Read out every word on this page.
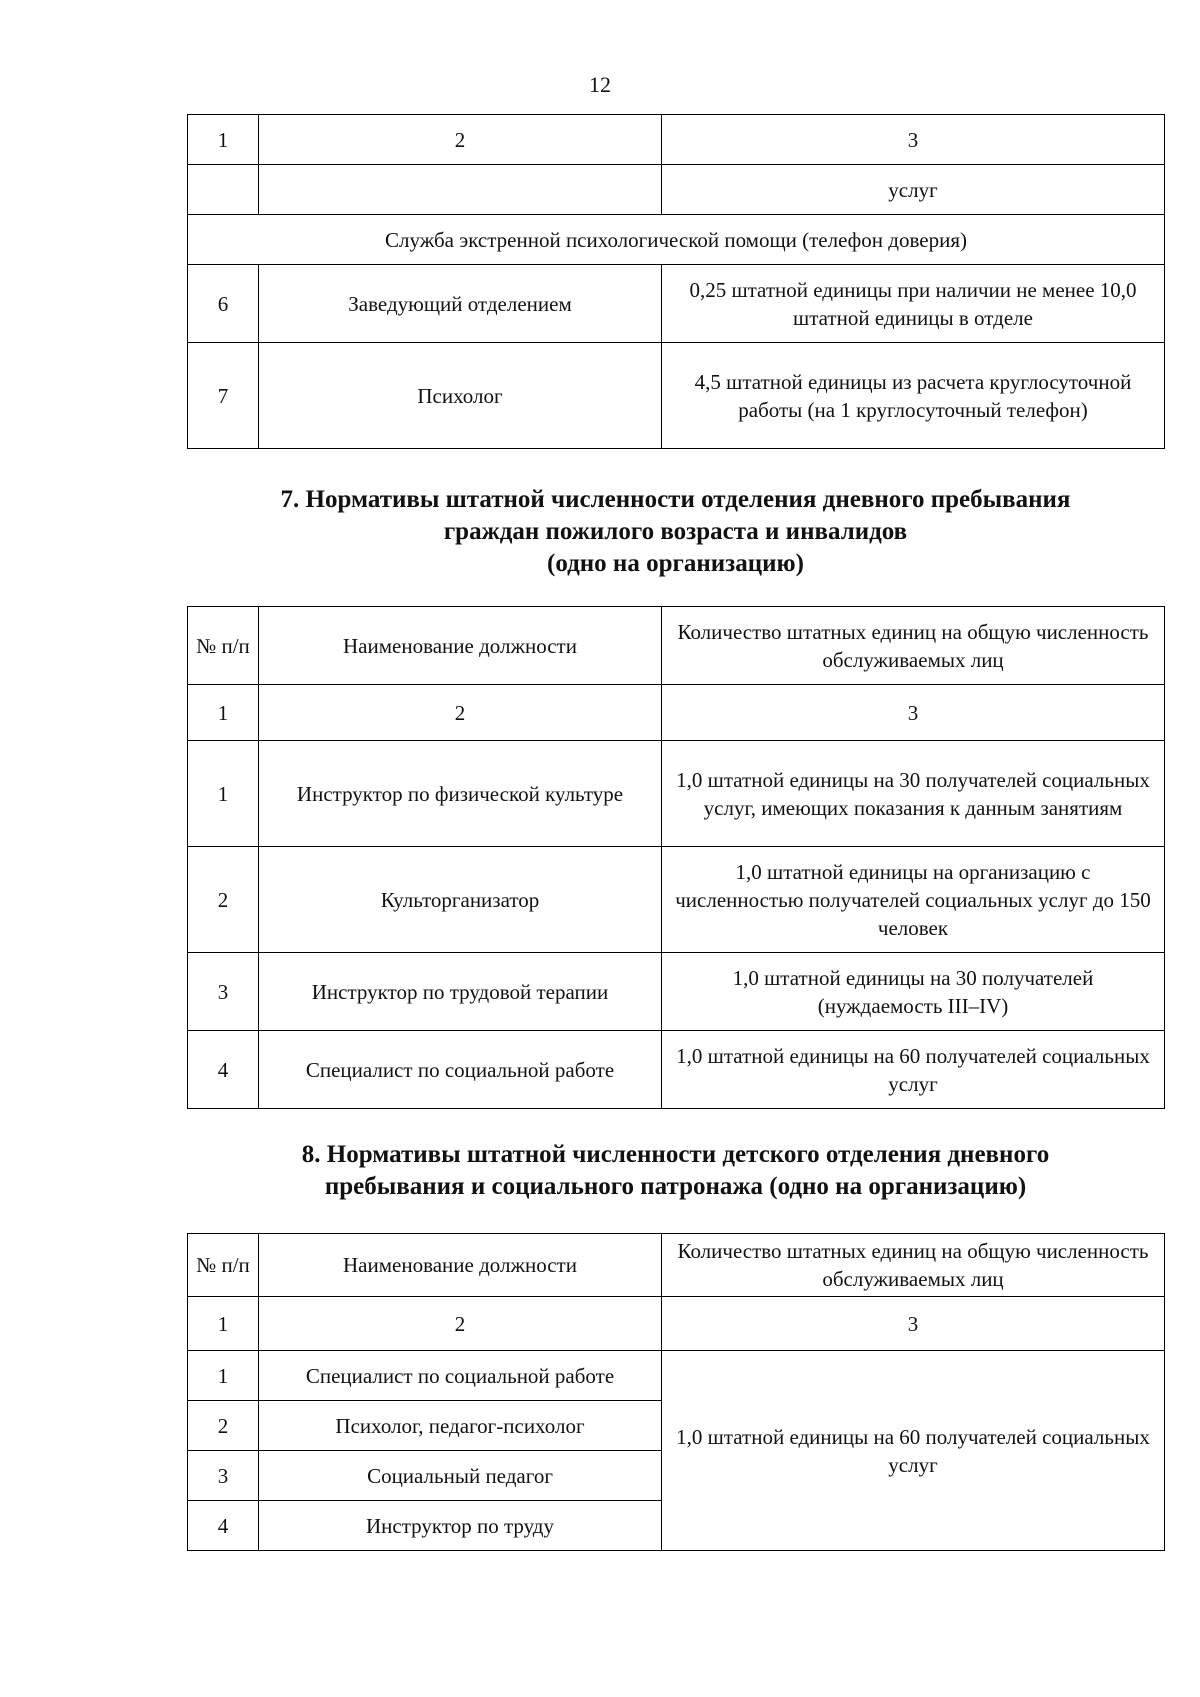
12
1	2	3
		услуг
Служба экстренной психологической помощи (телефон доверия)		
6	Заведующий отделением	0,25 штатной единицы при наличии не менее 10,0 штатной единицы в отделе
7	Психолог	4,5 штатной единицы из расчета круглосуточной работы (на 1 круглосуточный телефон)
7. Нормативы штатной численности отделения дневного пребывания
граждан пожилого возраста и инвалидов
(одно на организацию)
№ п/п	Наименование должности	Количество штатных единиц на общую численность обслуживаемых лиц
1	2	3
1	Инструктор по физической культуре	1,0 штатной единицы на 30 получателей социальных услуг, имеющих показания к данным занятиям
2	Культорганизатор	1,0 штатной единицы на организацию с численностью получателей социальных услуг до 150 человек
3	Инструктор по трудовой терапии	1,0 штатной единицы на 30 получателей (нуждаемость III–IV)
4	Специалист по социальной работе	1,0 штатной единицы на 60 получателей социальных услуг
8. Нормативы штатной численности детского отделения дневного
пребывания и социального патронажа (одно на организацию)
№ п/п	Наименование должности	Количество штатных единиц на общую численность обслуживаемых лиц
1	2	3
1	Специалист по социальной работе	1,0 штатной единицы на 60 получателей социальных услуг
2	Психолог, педагог-психолог	
3	Социальный педагог	
4	Инструктор по труду	
